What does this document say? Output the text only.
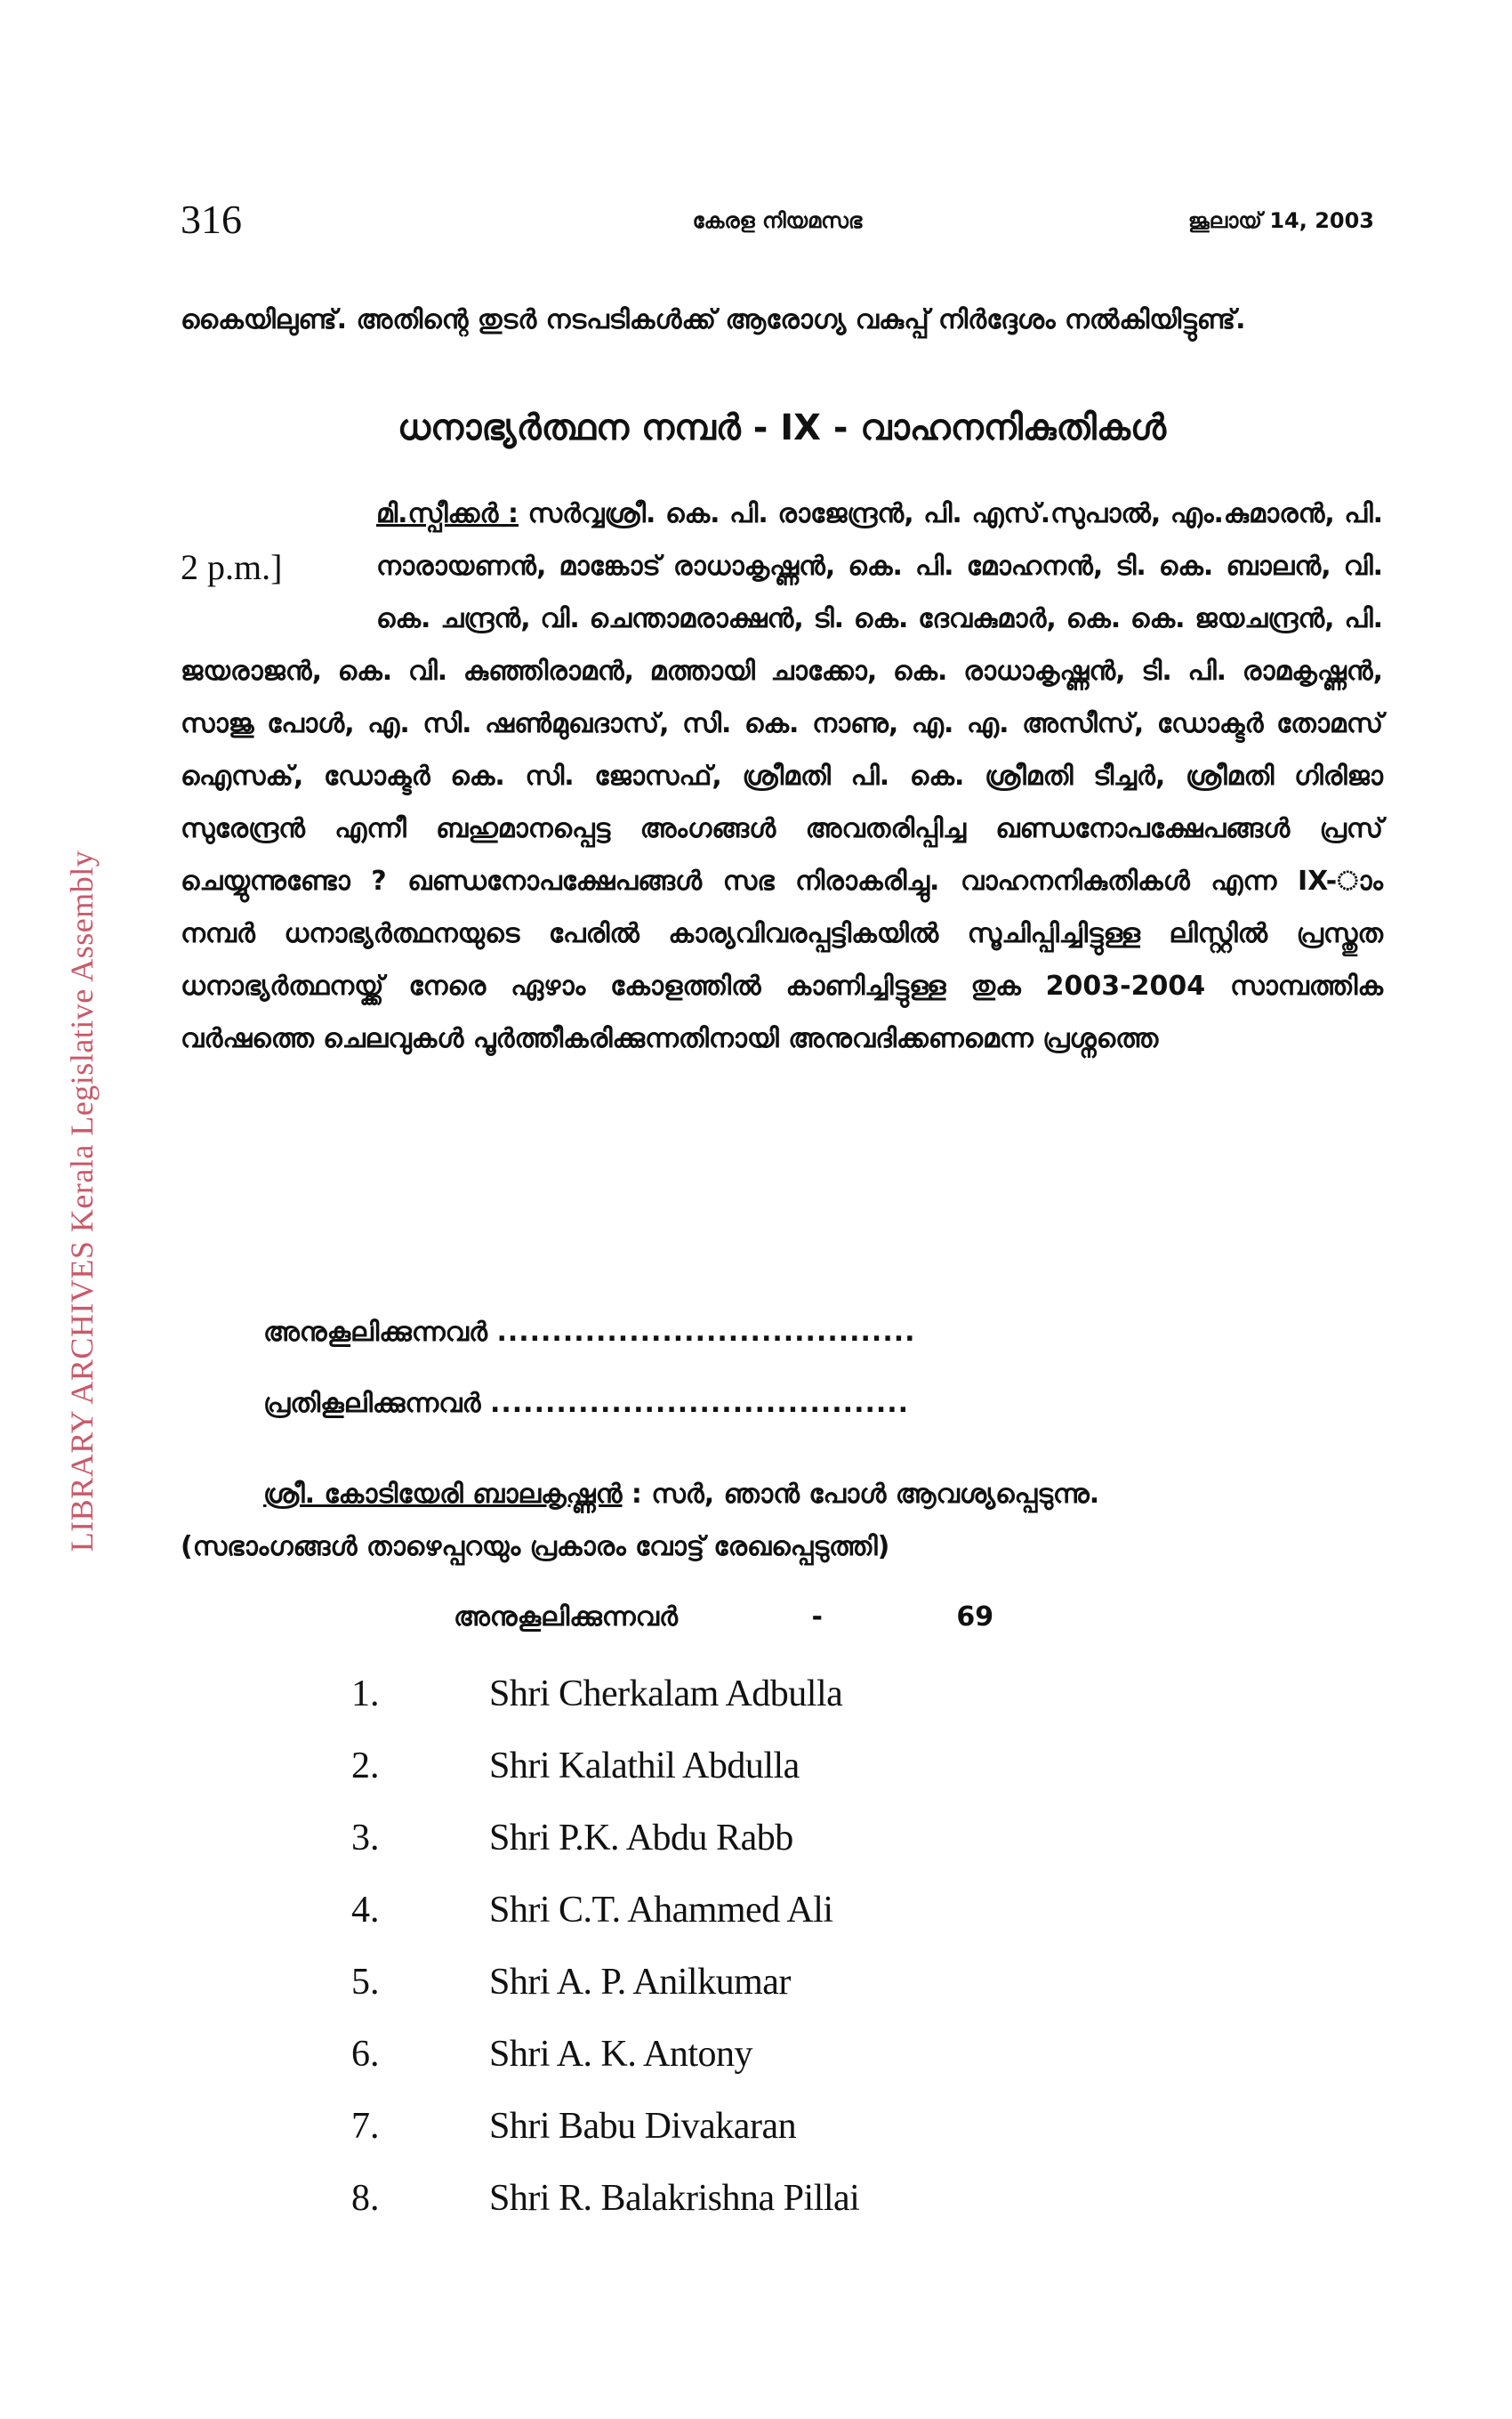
LIBRARY ARCHIVES Kerala Legislative Assembly
316	കേരള നിയമസഭ	ജൂലായ് 14, 2003

കൈയിലുണ്ട്. അതിന്റെ തുടർ നടപടികൾക്ക് ആരോഗ്യ വകുപ്പ് നിർദ്ദേശം നൽകിയിട്ടുണ്ട്.

ധനാഭ്യർത്ഥന നമ്പർ - IX - വാഹനനികുതികൾ
2 p.m.]
മി.സ്പീക്കർ : സർവ്വശ്രീ. കെ. പി. രാജേന്ദ്രൻ, പി. എസ്.സുപാൽ, എം.കുമാരൻ, പി. നാരായണൻ, മാങ്കോട് രാധാകൃഷ്ണൻ, കെ. പി. മോഹനൻ, ടി. കെ. ബാലൻ, വി. കെ. ചന്ദ്രൻ, വി. ചെന്താമരാക്ഷൻ, ടി. കെ. ദേവകുമാർ, കെ. കെ. ജയചന്ദ്രൻ, പി. ജയരാജൻ, കെ. വി. കുഞ്ഞിരാമൻ, മത്തായി ചാക്കോ, കെ. രാധാകൃഷ്ണൻ, ടി. പി. രാമകൃഷ്ണൻ, സാജു പോൾ, എ. സി. ഷൺമുഖദാസ്, സി. കെ. നാണു, എ. എ. അസീസ്, ഡോക്ടർ തോമസ് ഐസക്, ഡോക്ടർ കെ. സി. ജോസഫ്, ശ്രീമതി പി. കെ. ശ്രീമതി ടീച്ചർ, ശ്രീമതി ഗിരിജാ സുരേന്ദ്രൻ എന്നീ ബഹുമാനപ്പെട്ട അംഗങ്ങൾ അവതരിപ്പിച്ച ഖണ്ഡനോപക്ഷേപങ്ങൾ പ്രസ് ചെയ്യുന്നുണ്ടോ ? ഖണ്ഡനോപക്ഷേപങ്ങൾ സഭ നിരാകരിച്ചു. വാഹനനികുതികൾ എന്ന IX-ാം നമ്പർ ധനാഭ്യർത്ഥനയുടെ പേരിൽ കാര്യവിവരപ്പട്ടികയിൽ സൂചിപ്പിച്ചിട്ടുള്ള ലിസ്റ്റിൽ പ്രസ്തുത ധനാഭ്യർത്ഥനയ്ക്ക് നേരെ ഏഴാം കോളത്തിൽ കാണിച്ചിട്ടുള്ള തുക 2003-2004 സാമ്പത്തിക വർഷത്തെ ചെലവുകൾ പൂർത്തീകരിക്കുന്നതിനായി അനുവദിക്കണമെന്ന പ്രശ്നത്തെ
അനുകൂലിക്കുന്നവർ ......................................
പ്രതികൂലിക്കുന്നവർ ......................................
ശ്രീ. കോടിയേരി ബാലകൃഷ്ണൻ : സർ, ഞാൻ പോൾ ആവശ്യപ്പെടുന്നു.
(സഭാംഗങ്ങൾ താഴെപ്പറയും പ്രകാരം വോട്ട് രേഖപ്പെടുത്തി)
അനുകൂലിക്കുന്നവർ	-	69
1.	Shri Cherkalam Adbulla
2.	Shri Kalathil Abdulla
3.	Shri P.K. Abdu Rabb
4.	Shri C.T. Ahammed Ali
5.	Shri A. P. Anilkumar
6.	Shri A. K. Antony
7.	Shri Babu Divakaran
8.	Shri R. Balakrishna Pillai
